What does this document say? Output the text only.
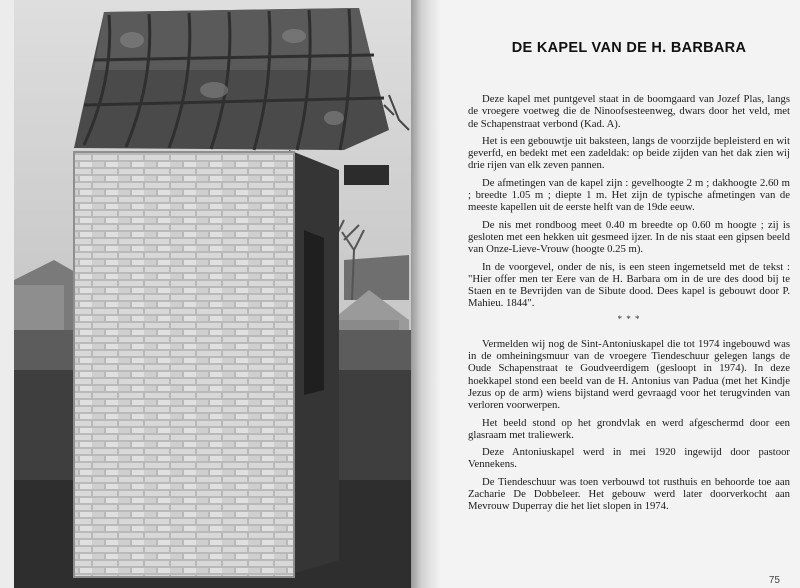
DE KAPEL VAN DE H. BARBARA

Deze kapel met puntgevel staat in de boomgaard van Jozef Plas, langs de vroegere voetweg die de Ninoofsesteenweg, dwars door het veld, met de Schapenstraat verbond (Kad. A).

Het is een gebouwtje uit baksteen, langs de voorzijde bepleisterd en wit geverfd, en bedekt met een zadeldak: op beide zijden van het dak zien wij drie rijen van elk zeven pannen.

De afmetingen van de kapel zijn : gevelhoogte 2 m ; dakhoogte 2.60 m ; breedte 1.05 m ; diepte 1 m. Het zijn de typische afmetingen van de meeste kapellen uit de eerste helft van de 19de eeuw.

De nis met rondboog meet 0.40 m breedte op 0.60 m hoogte ; zij is gesloten met een hekken uit gesmeed ijzer. In de nis staat een gipsen beeld van Onze-Lieve-Vrouw (hoogte 0.25 m).

In de voorgevel, onder de nis, is een steen ingemetseld met de tekst : "Hier offer men ter Eere van de H. Barbara om in de ure des dood bij te Staen en te Bevrijden van de Sibute dood. Dees kapel is gebouwt door P. Mahieu. 1844".

* * *

Vermelden wij nog de Sint-Antoniuskapel die tot 1974 ingebouwd was in de omheiningsmuur van de vroegere Tiendeschuur gelegen langs de Oude Schapenstraat te Goudveerdigem (gesloopt in 1974). In deze hoekkapel stond een beeld van de H. Antonius van Padua (met het Kindje Jezus op de arm) wiens bijstand werd gevraagd voor het terugvinden van verloren voorwerpen.

Het beeld stond op het grondvlak en werd afgeschermd door een glasraam met traliewerk.

Deze Antoniuskapel werd in mei 1920 ingewijd door pastoor Vennekens.

De Tiendeschuur was toen verbouwd tot rusthuis en behoorde toe aan Zacharie De Dobbeleer. Het gebouw werd later doorverkocht aan Mevrouw Duperray die het liet slopen in 1974.

75
